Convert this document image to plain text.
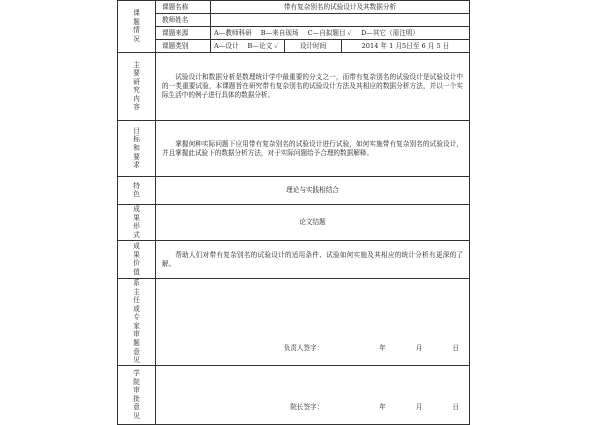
课题情况	课题名称	带有复杂别名的试验设计及其数据分析		
	教师姓名			
	课题来源	A—教师科研 B—来自现场 C—自拟题目 ✓ D—其它（需注明）		
	课题类别	A—设计 B—论文 ✓	设计时间	2014 年 1 月5日至 6 月 5 日
主要研究内容	试验设计和数据分析是数理统计学中最重要的分支之一，而带有复杂别名的试验设计是试验设计中的一类重要试验，本课题旨在研究带有复杂别名的试验设计方法及其相应的数据分析方法，并以一个实际生活中的例子进行具体的数据分析。			
目标和要求	掌握何种实际问题下应用带有复杂别名的试验设计进行试验，如何实施带有复杂别名的试验设计，并且掌握此试验下的数据分析方法，对于实际问题给予合理的数据解释。			
特色	理论与实践相结合			
成果形式	论文结题			
成果价值	帮助人们对带有复杂别名的试验设计的适用条件、试验如何实施及其相应的统计分析有更深的了解。			
系主任或专家审题意见	负责人签字： 年 月 日			
学院审批意见	院长签字： 年 月 日			
